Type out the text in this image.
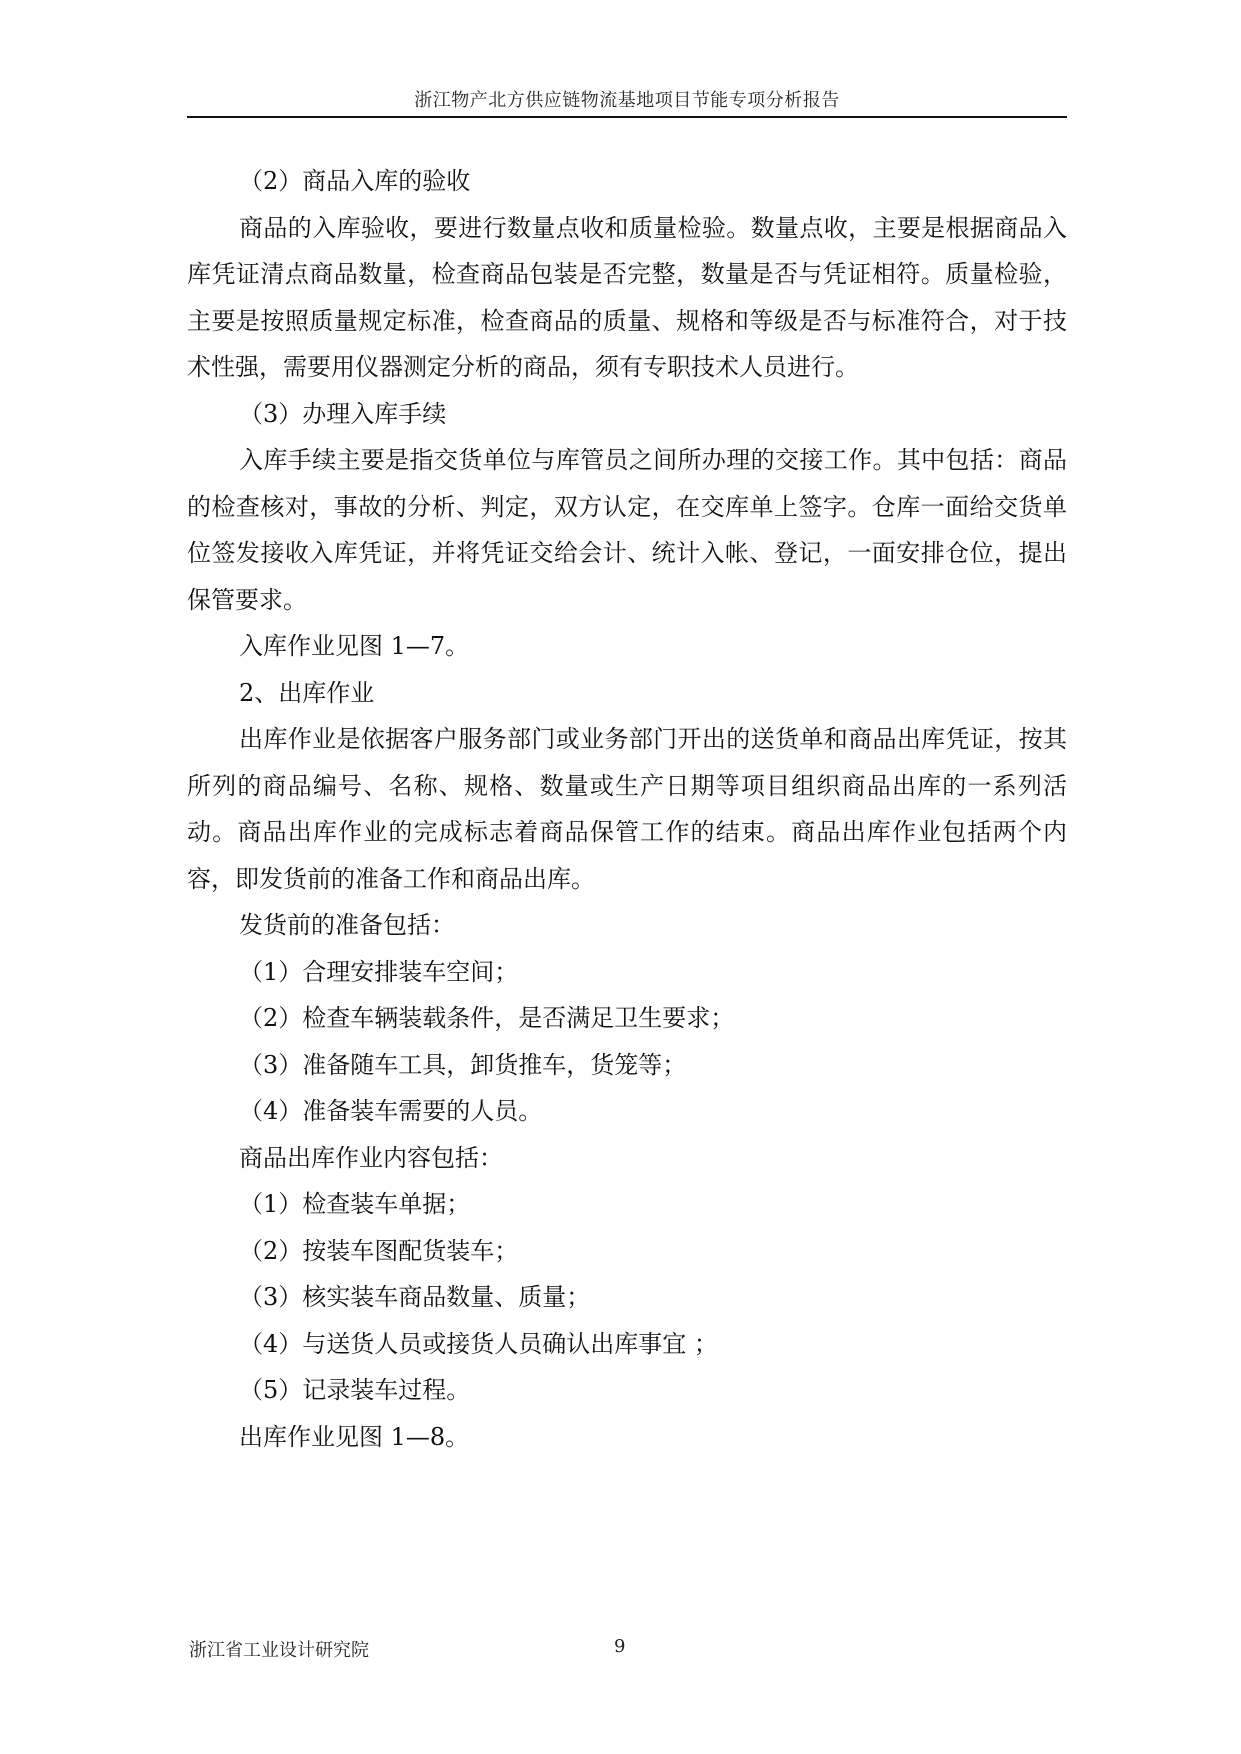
浙江物产北方供应链物流基地项目节能专项分析报告

（2）商品入库的验收

商品的入库验收，要进行数量点收和质量检验。数量点收，主要是根据商品入库凭证清点商品数量，检查商品包装是否完整，数量是否与凭证相符。质量检验，主要是按照质量规定标准，检查商品的质量、规格和等级是否与标准符合，对于技术性强，需要用仪器测定分析的商品，须有专职技术人员进行。

（3）办理入库手续

入库手续主要是指交货单位与库管员之间所办理的交接工作。其中包括：商品的检查核对，事故的分析、判定，双方认定，在交库单上签字。仓库一面给交货单位签发接收入库凭证，并将凭证交给会计、统计入帐、登记，一面安排仓位，提出保管要求。

入库作业见图 1—7。

2、出库作业

出库作业是依据客户服务部门或业务部门开出的送货单和商品出库凭证，按其所列的商品编号、名称、规格、数量或生产日期等项目组织商品出库的一系列活动。商品出库作业的完成标志着商品保管工作的结束。商品出库作业包括两个内容，即发货前的准备工作和商品出库。

发货前的准备包括：

（1）合理安排装车空间；

（2）检查车辆装载条件，是否满足卫生要求；

（3）准备随车工具，卸货推车，货笼等；

（4）准备装车需要的人员。

商品出库作业内容包括：

（1）检查装车单据；

（2）按装车图配货装车；

（3）核实装车商品数量、质量；

（4）与送货人员或接货人员确认出库事宜 ；

（5）记录装车过程。

出库作业见图 1—8。

浙江省工业设计研究院	9
